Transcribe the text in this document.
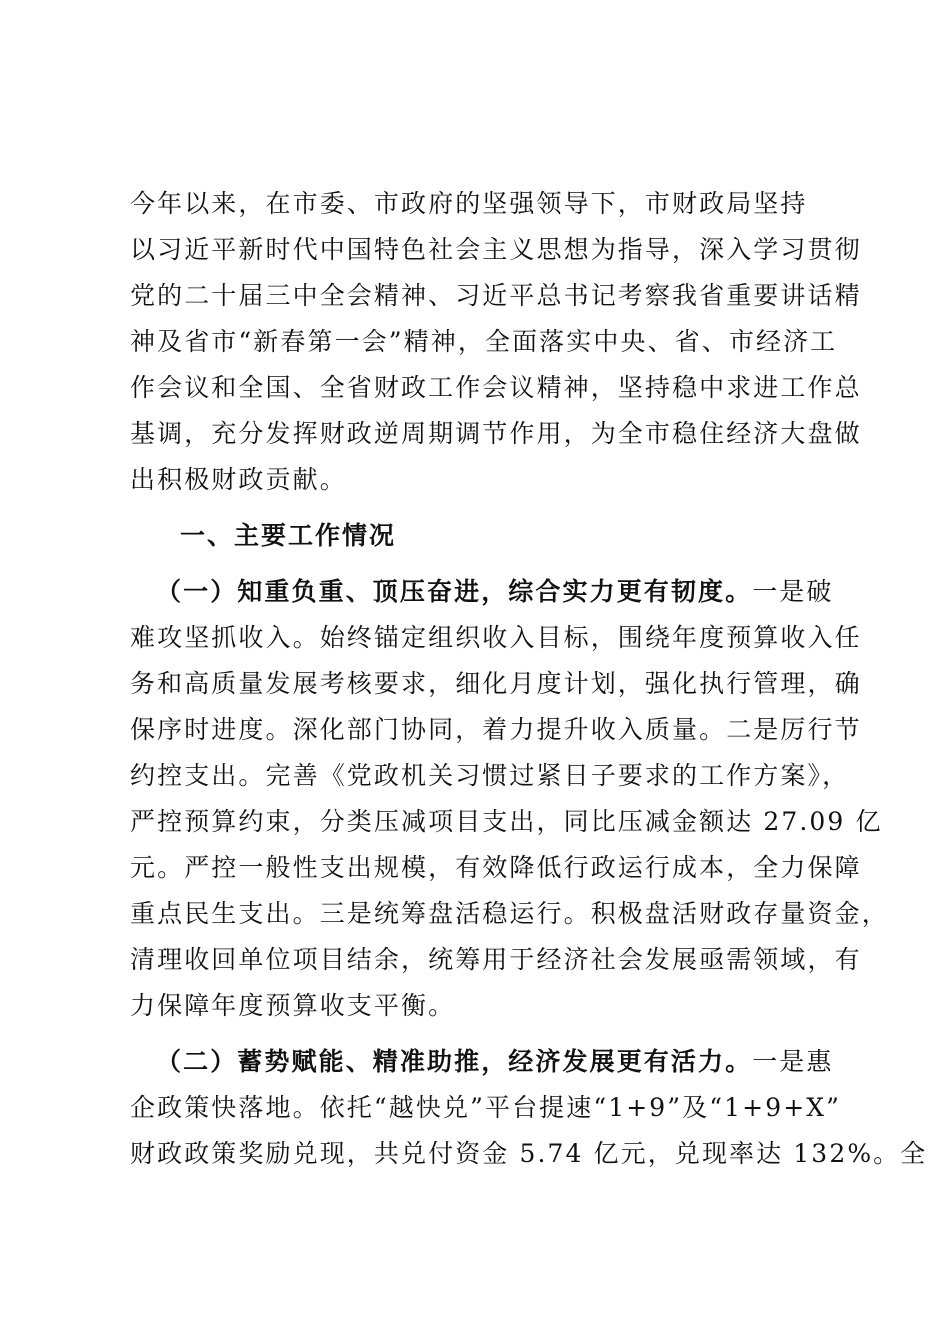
今年以来，在市委、市政府的坚强领导下，市财政局坚持
以习近平新时代中国特色社会主义思想为指导，深入学习贯彻
党的二十届三中全会精神、习近平总书记考察我省重要讲话精
神及省市“新春第一会”精神，全面落实中央、省、市经济工
作会议和全国、全省财政工作会议精神，坚持稳中求进工作总
基调，充分发挥财政逆周期调节作用，为全市稳住经济大盘做
出积极财政贡献。
一、主要工作情况
（一）知重负重、顶压奋进，综合实力更有韧度。一是破
难攻坚抓收入。始终锚定组织收入目标，围绕年度预算收入任
务和高质量发展考核要求，细化月度计划，强化执行管理，确
保序时进度。深化部门协同，着力提升收入质量。二是厉行节
约控支出。完善《党政机关习惯过紧日子要求的工作方案》，
严控预算约束，分类压减项目支出，同比压减金额达 27.09 亿
元。严控一般性支出规模，有效降低行政运行成本，全力保障
重点民生支出。三是统筹盘活稳运行。积极盘活财政存量资金，
清理收回单位项目结余，统筹用于经济社会发展亟需领域，有
力保障年度预算收支平衡。
（二）蓄势赋能、精准助推，经济发展更有活力。一是惠
企政策快落地。依托“越快兑”平台提速“1+9”及“1+9+X”
财政政策奖励兑现，共兑付资金 5.74 亿元，兑现率达 132%。全
